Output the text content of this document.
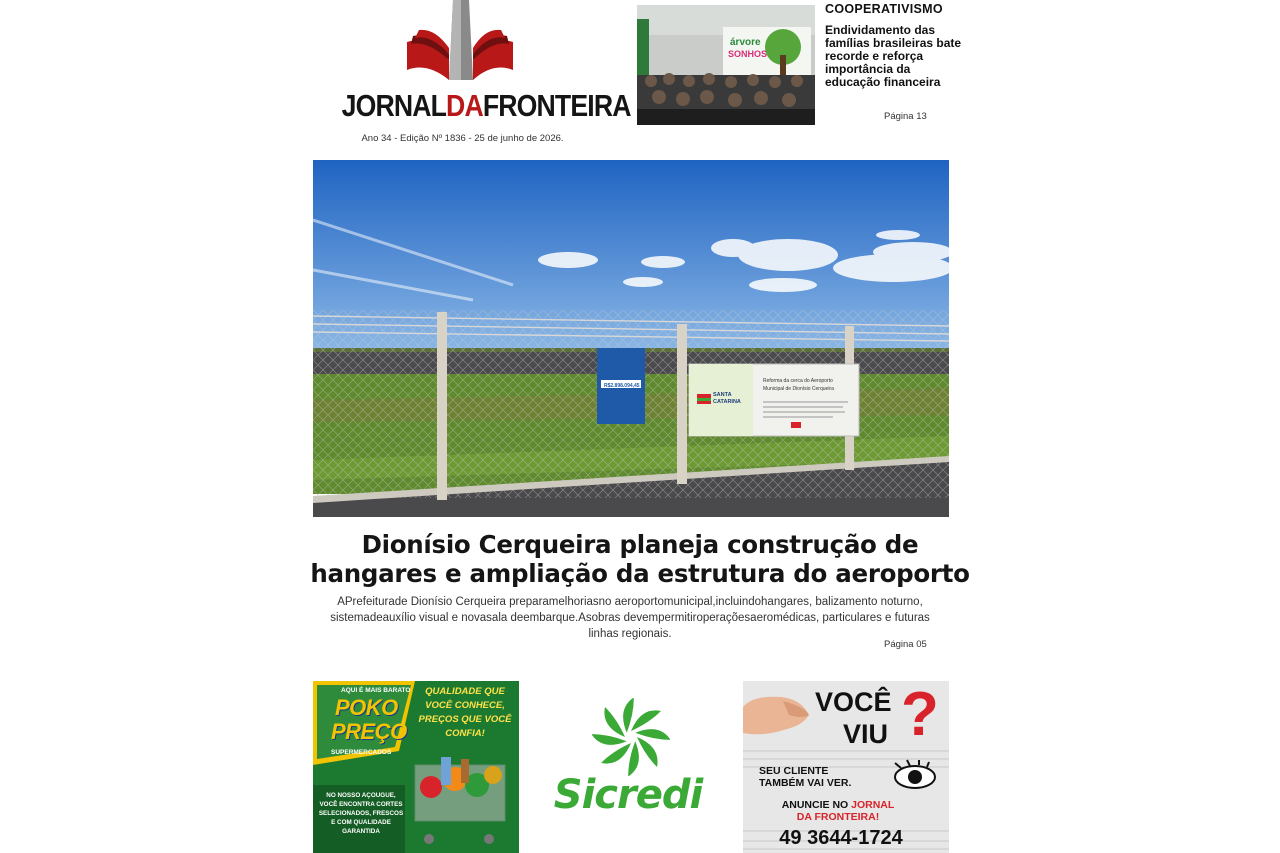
JORNALDAFRONTEIRA
Ano 34 - Edição Nº 1836 - 25 de junho de 2026.
árvore
SONHOS
COOPERATIVISMO
Endividamento das famílias brasileiras bate recorde e reforça importância da educação financeira
Página 13
R$2.898.094,45
SANTA
CATARINA
Reforma da cerca do Aeroporto
Municipal de Dionísio Cerqueira
Dionísio Cerqueira planeja construção de hangares e ampliação da estrutura do aeroporto
APrefeiturade Dionísio Cerqueira preparamelhoriasno aeroportomunicipal,incluindohangares, balizamento noturno, sistemadeauxílio visual e novasala deembarque.Asobras devempermitiroperaçõesaeromédicas, particulares e futuras linhas regionais.
Página 05
AQUI É MAIS BARATO
POKO
PREÇO
SUPERMERCADOS
QUALIDADE QUE VOCÊ CONHECE, PREÇOS QUE VOCÊ CONFIA!
NO NOSSO AÇOUGUE, VOCÊ ENCONTRA CORTES SELECIONADOS, FRESCOS E COM QUALIDADE GARANTIDA
Sicredi
VOCÊ
VIU ?
SEU CLIENTE
TAMBÉM VAI VER.
ANUNCIE NO JORNAL
DA FRONTEIRA!
49 3644-1724
